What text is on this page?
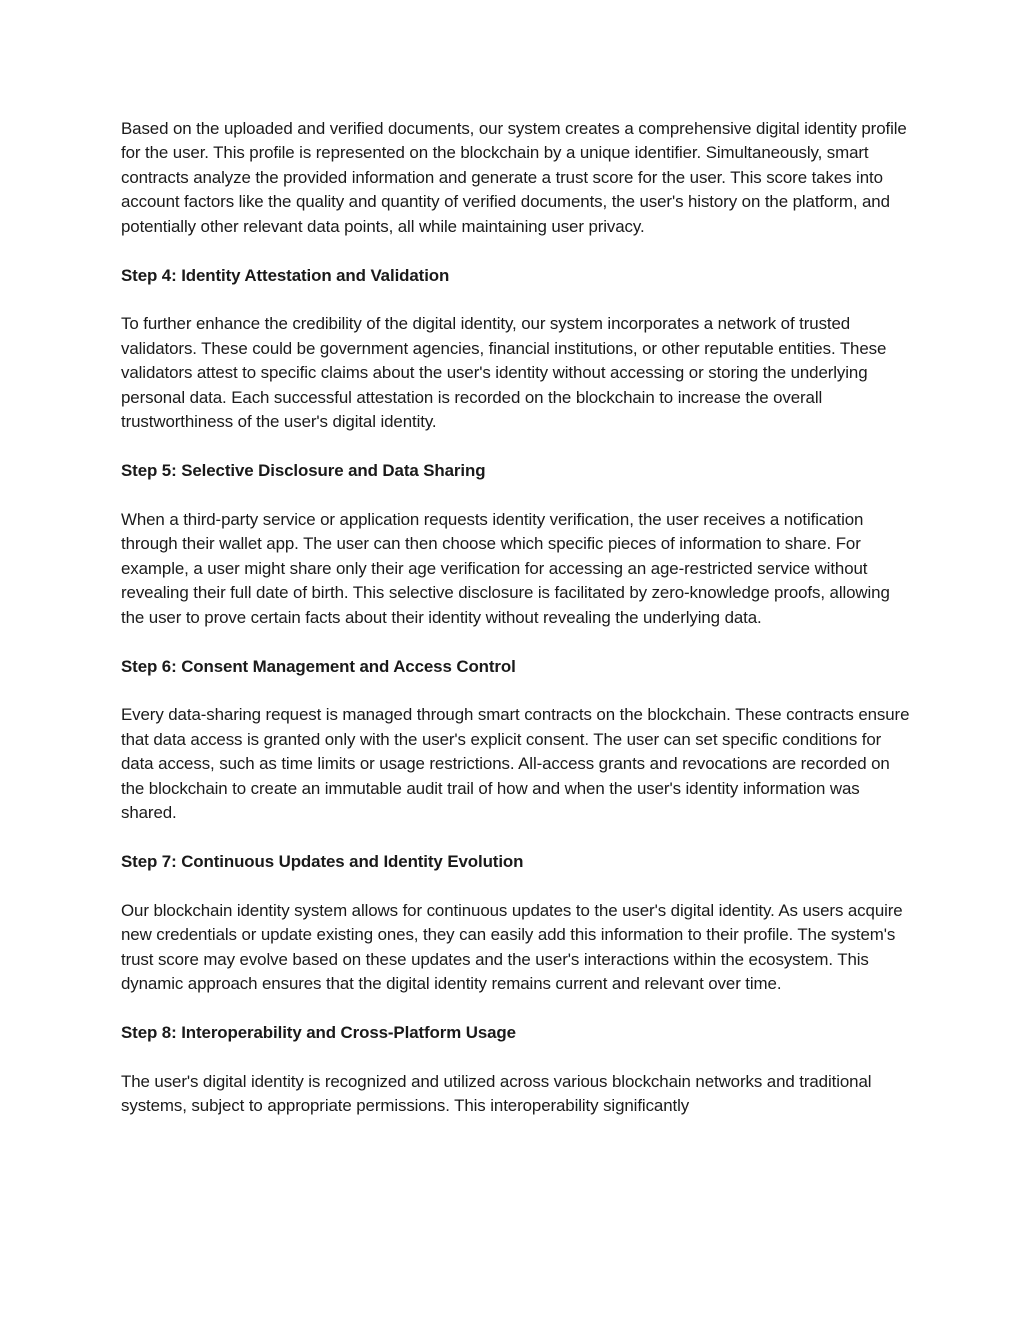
Based on the uploaded and verified documents, our system creates a comprehensive digital identity profile for the user. This profile is represented on the blockchain by a unique identifier. Simultaneously, smart contracts analyze the provided information and generate a trust score for the user. This score takes into account factors like the quality and quantity of verified documents, the user's history on the platform, and potentially other relevant data points, all while maintaining user privacy.

Step 4: Identity Attestation and Validation

To further enhance the credibility of the digital identity, our system incorporates a network of trusted validators. These could be government agencies, financial institutions, or other reputable entities. These validators attest to specific claims about the user's identity without accessing or storing the underlying personal data. Each successful attestation is recorded on the blockchain to increase the overall trustworthiness of the user's digital identity.

Step 5: Selective Disclosure and Data Sharing

When a third-party service or application requests identity verification, the user receives a notification through their wallet app. The user can then choose which specific pieces of information to share. For example, a user might share only their age verification for accessing an age-restricted service without revealing their full date of birth. This selective disclosure is facilitated by zero-knowledge proofs, allowing the user to prove certain facts about their identity without revealing the underlying data.

Step 6: Consent Management and Access Control

Every data-sharing request is managed through smart contracts on the blockchain. These contracts ensure that data access is granted only with the user's explicit consent. The user can set specific conditions for data access, such as time limits or usage restrictions. All-access grants and revocations are recorded on the blockchain to create an immutable audit trail of how and when the user's identity information was shared.

Step 7: Continuous Updates and Identity Evolution

Our blockchain identity system allows for continuous updates to the user's digital identity. As users acquire new credentials or update existing ones, they can easily add this information to their profile. The system's trust score may evolve based on these updates and the user's interactions within the ecosystem. This dynamic approach ensures that the digital identity remains current and relevant over time.

Step 8: Interoperability and Cross-Platform Usage

The user's digital identity is recognized and utilized across various blockchain networks and traditional systems, subject to appropriate permissions. This interoperability significantly
